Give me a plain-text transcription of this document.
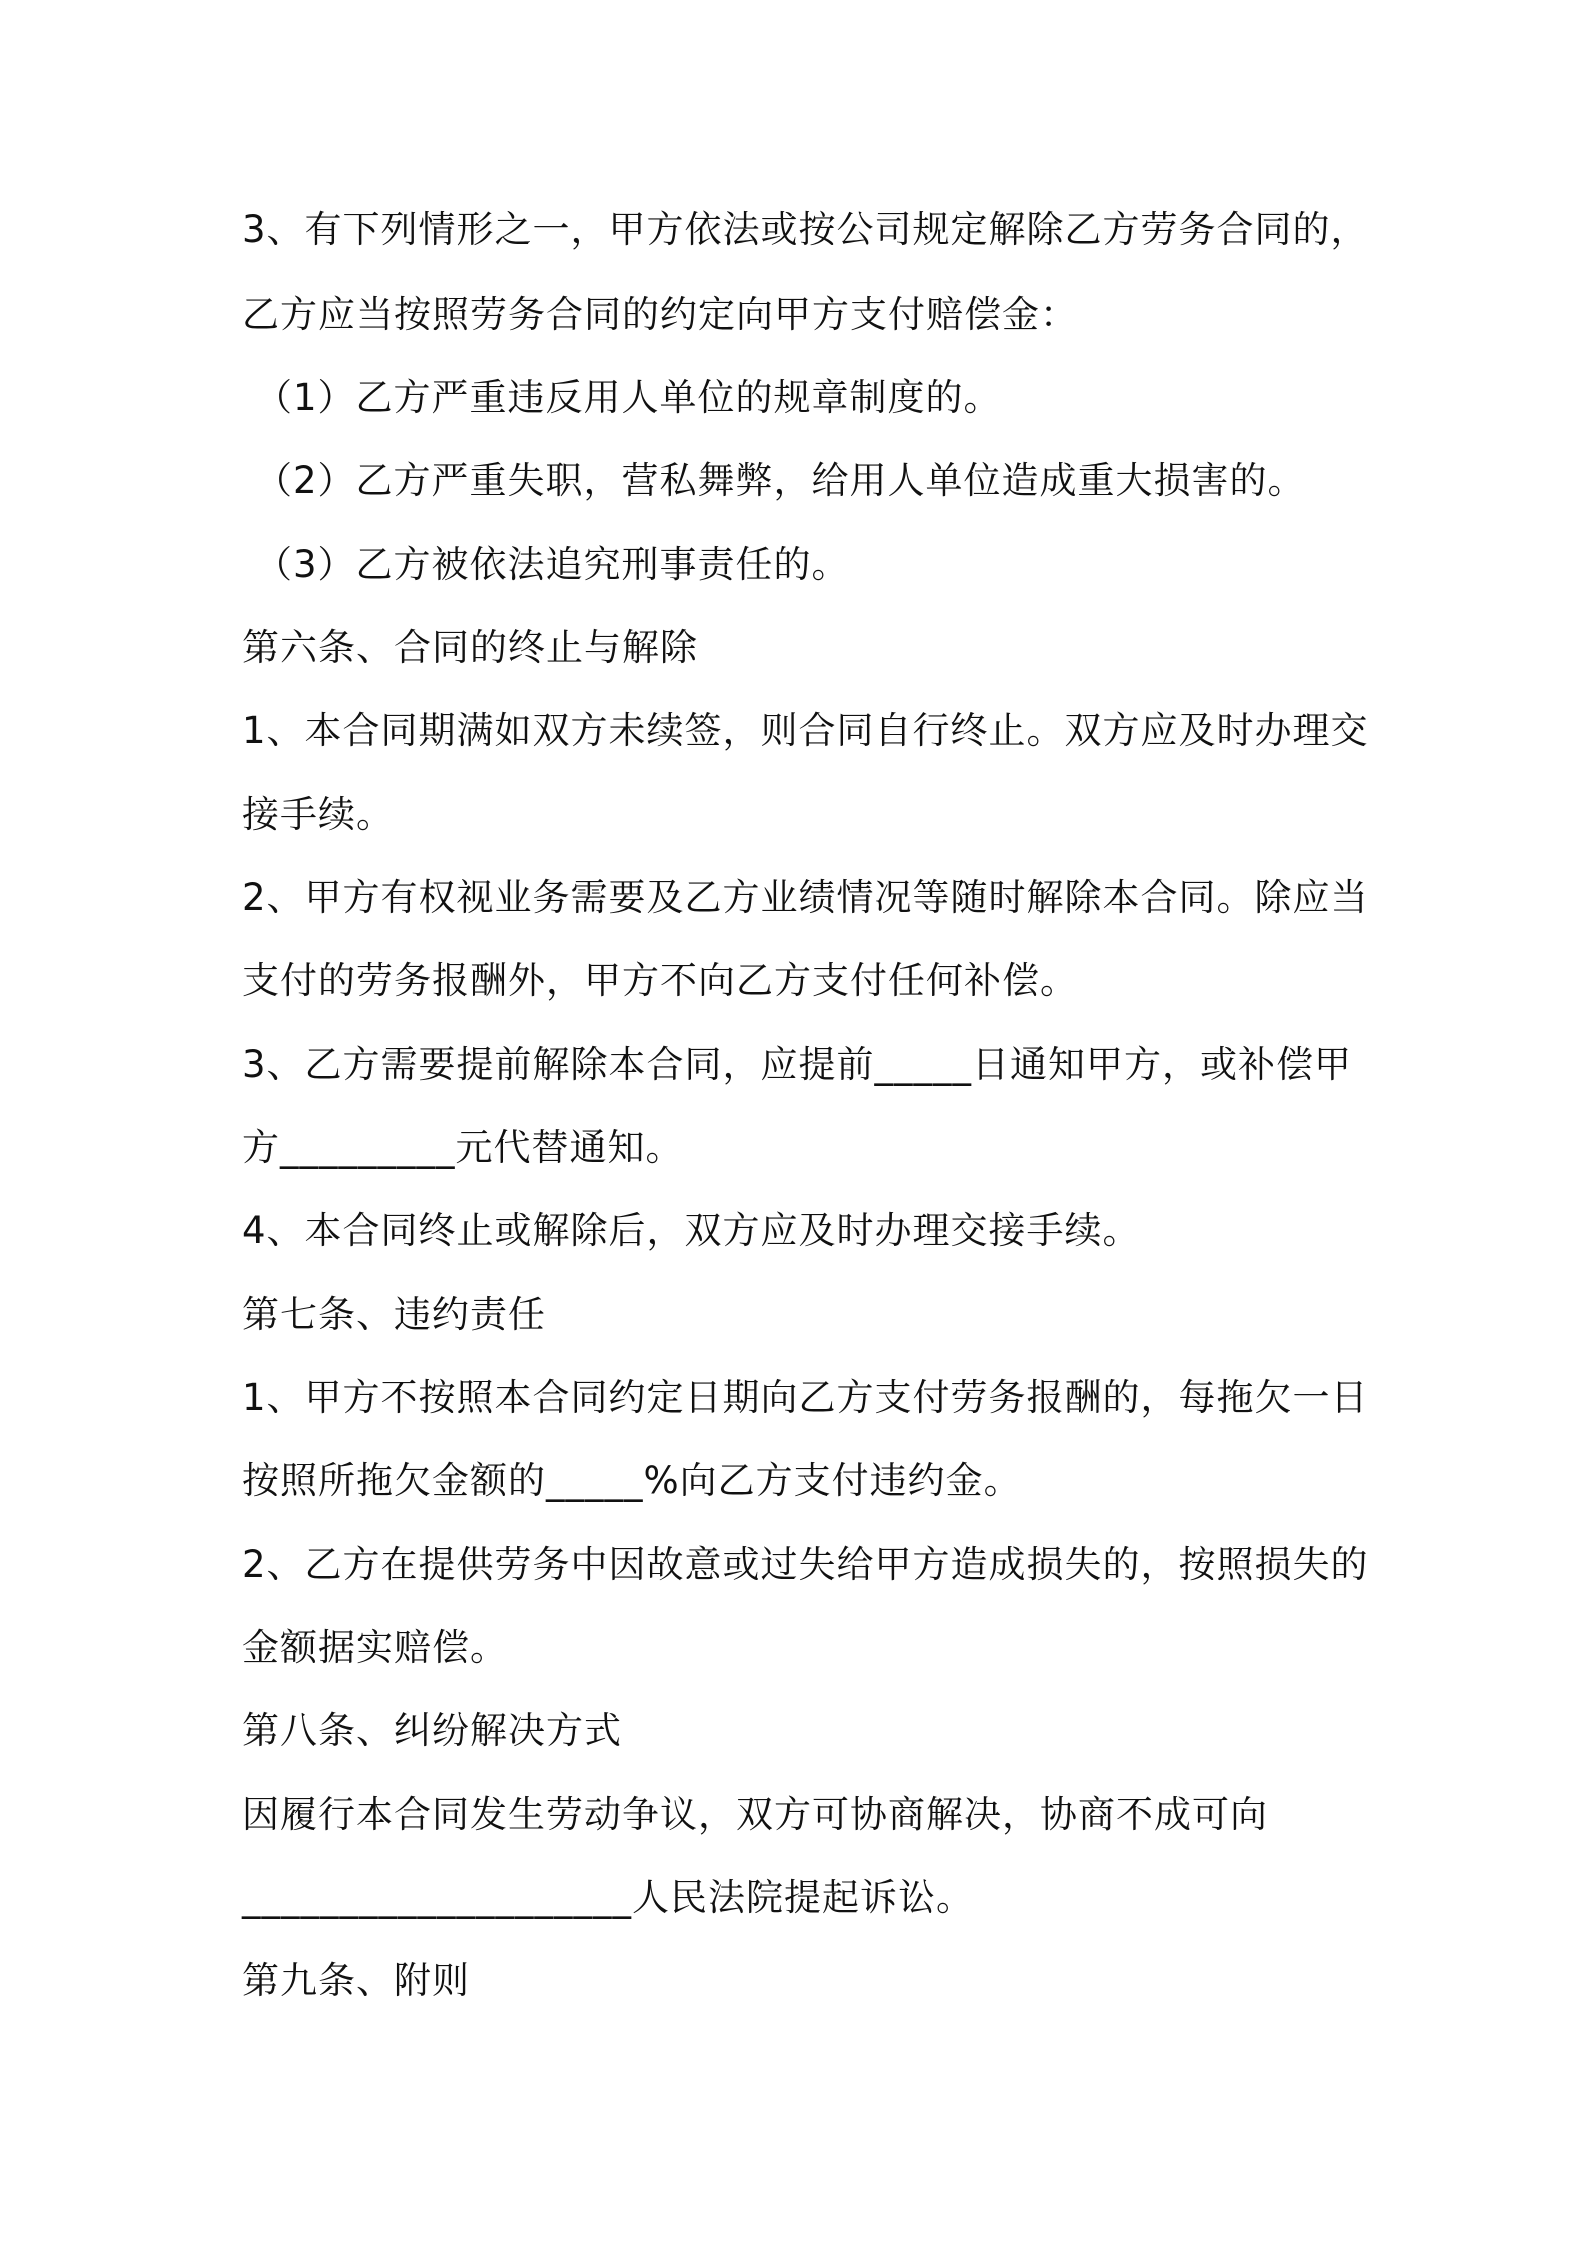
3、有下列情形之一，甲方依法或按公司规定解除乙方劳务合同的，
乙方应当按照劳务合同的约定向甲方支付赔偿金：
（1）乙方严重违反用人单位的规章制度的。
（2）乙方严重失职，营私舞弊，给用人单位造成重大损害的。
（3）乙方被依法追究刑事责任的。
第六条、合同的终止与解除
1、本合同期满如双方未续签，则合同自行终止。双方应及时办理交
接手续。
2、甲方有权视业务需要及乙方业绩情况等随时解除本合同。除应当
支付的劳务报酬外，甲方不向乙方支付任何补偿。
3、乙方需要提前解除本合同，应提前_____日通知甲方，或补偿甲
方_________元代替通知。
4、本合同终止或解除后，双方应及时办理交接手续。
第七条、违约责任
1、甲方不按照本合同约定日期向乙方支付劳务报酬的，每拖欠一日
按照所拖欠金额的_____%向乙方支付违约金。
2、乙方在提供劳务中因故意或过失给甲方造成损失的，按照损失的
金额据实赔偿。
第八条、纠纷解决方式
因履行本合同发生劳动争议，双方可协商解决，协商不成可向
____________________人民法院提起诉讼。
第九条、附则
